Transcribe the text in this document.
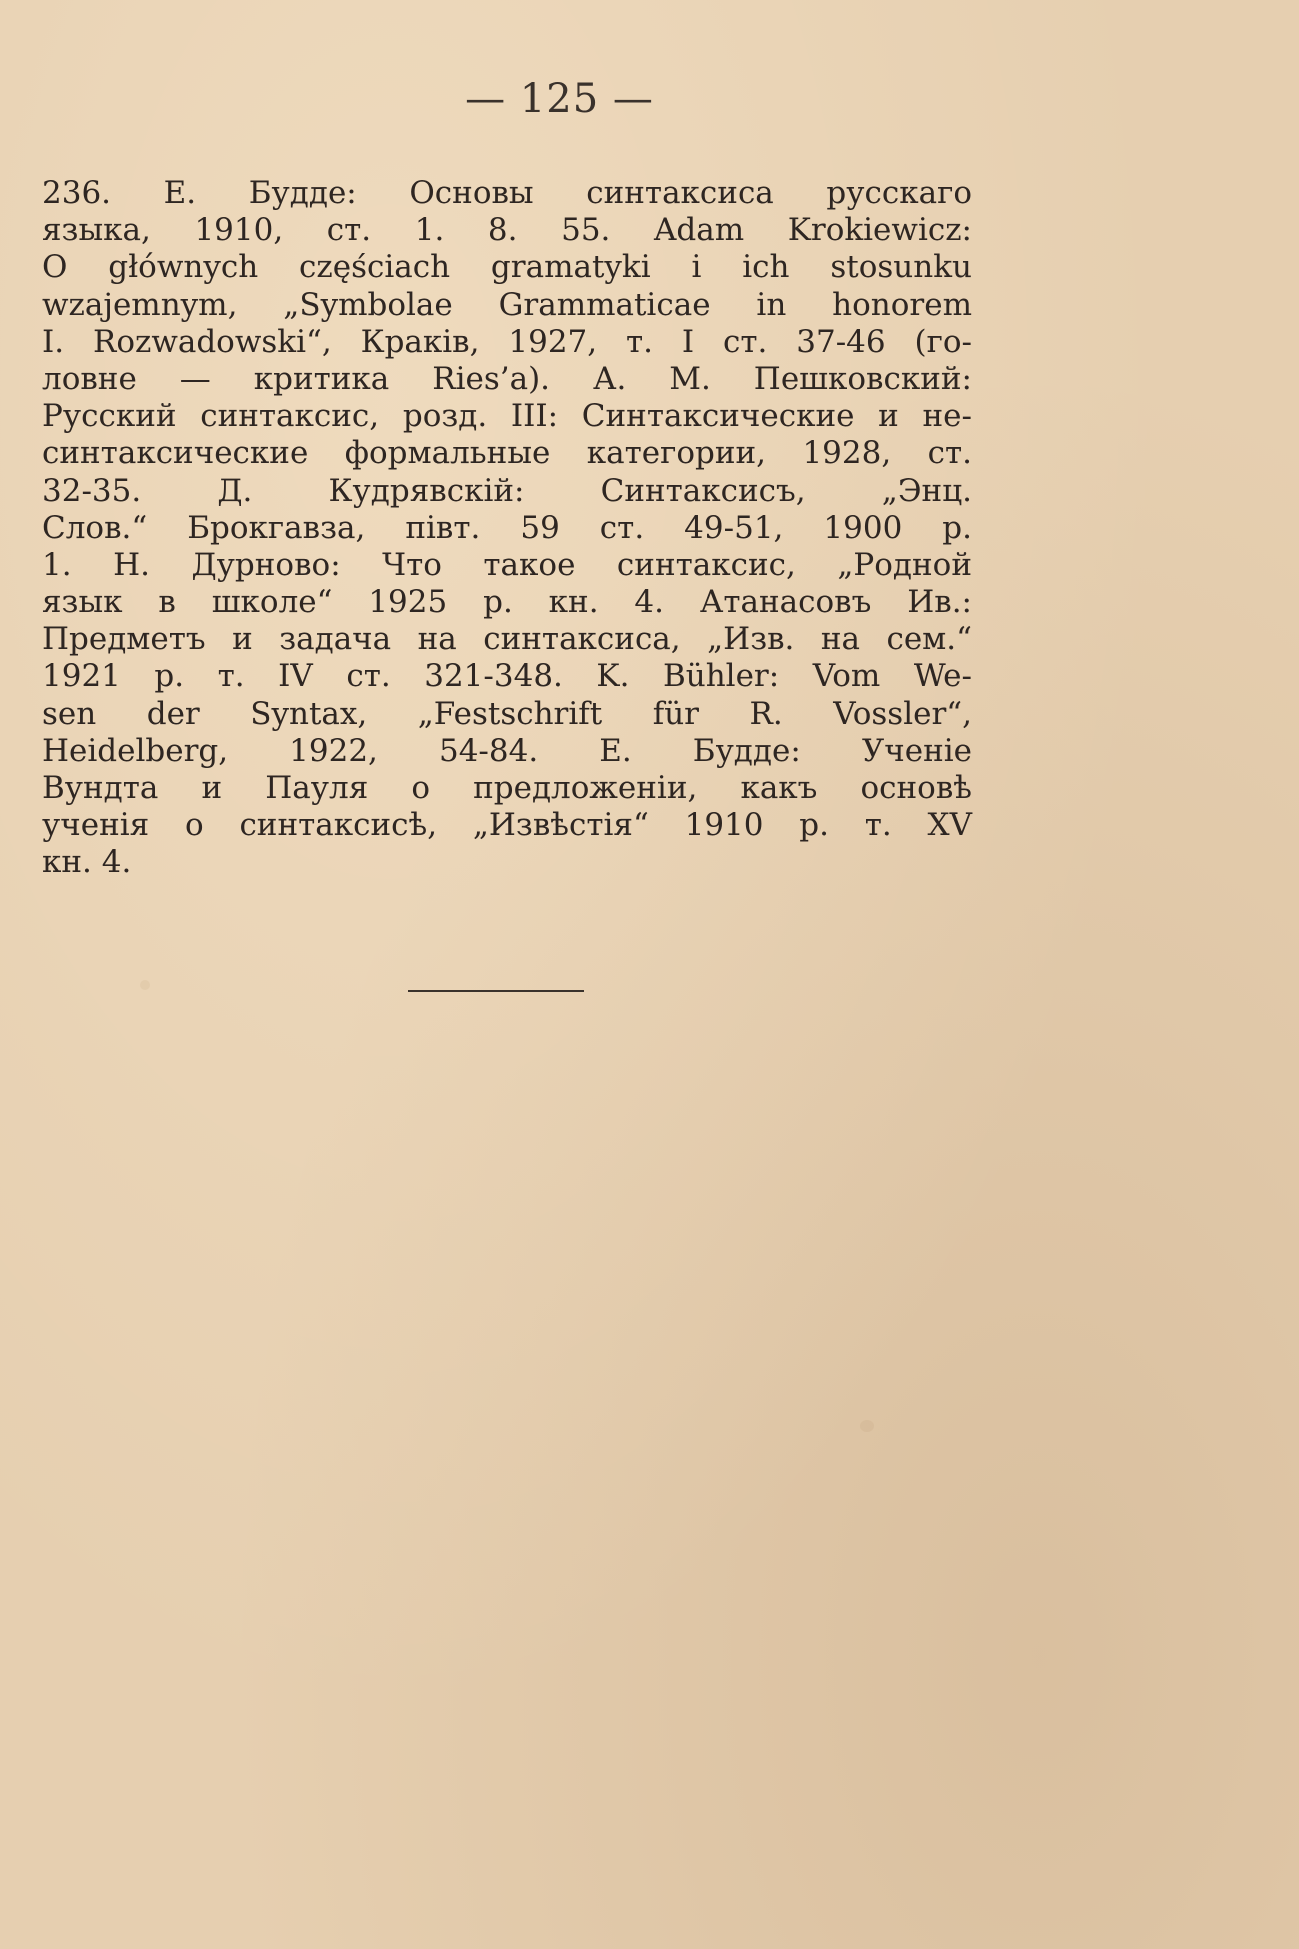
— 125 —
236. Е. Будде: Основы синтаксиса русскаго
языка, 1910, ст. 1. 8. 55. Adam Krokiewicz:
O głównych częściach gramatyki i ich stosunku
wzajemnym, „Symbolae Grammaticae in honorem
I. Rozwadowski“, Краків, 1927, т. I ст. 37-46 (го-
ловне — критика Ries’a). А. М. Пешковский:
Русский синтаксис, розд. III: Синтаксические и не-
синтаксические формальные категории, 1928, ст.
32-35. Д. Кудрявскій: Синтаксисъ, „Энц.
Слов.“ Брокгавза, півт. 59 ст. 49-51, 1900 р.
1. Н. Дурново: Что такое синтаксис, „Родной
язык в школе“ 1925 р. кн. 4. Атанасовъ Ив.:
Предметъ и задача на синтаксиса, „Изв. на сем.“
1921 р. т. IV ст. 321-348. K. Bühler: Vom We-
sen der Syntax, „Festschrift für R. Vossler“,
Heidelberg, 1922, 54-84. Е. Будде: Ученіе
Вундта и Пауля о предложеніи, какъ основѣ
ученія о синтаксисѣ, „Извѣстія“ 1910 р. т. XV
кн. 4.
